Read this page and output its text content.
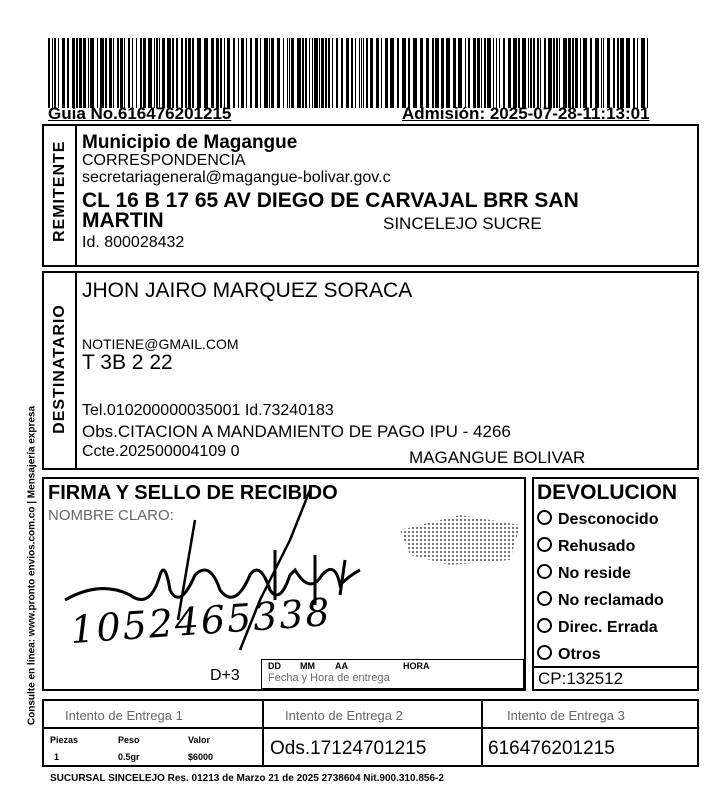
Guia No.616476201215	Admisión: 2025-07-28-11:13:01
Consulte en línea: www.pronto envios.com.co | Mensajería expresa
REMITENTE Municipio de Magangue
CORRESPONDENCIA
secretariageneral@magangue-bolivar.gov.c
CL 16 B 17 65 AV DIEGO DE CARVAJAL BRR SAN
MARTIN	SINCELEJO SUCRE
Id. 800028432
DESTINATARIO
JHON JAIRO MARQUEZ SORACA
NOTIENE@GMAIL.COM
T 3B 2 22
Tel.010200000035001 Id.73240183
Obs.CITACION A MANDAMIENTO DE PAGO IPU - 4266
Ccte.202500004109 0	MAGANGUE BOLIVAR
FIRMA Y SELLO DE RECIBIDO
NOMBRE CLARO:
1052465338
D+3
DD MM AA	HORA
Fecha y Hora de entrega
DEVOLUCION
Desconocido
Rehusado
No reside
No reclamado
Direc. Errada
Otros
CP:132512
Intento de Entrega 1	Intento de Entrega 2	Intento de Entrega 3
Piezas	Peso	Valor
1	0.5gr	$6000	Ods.17124701215	616476201215
SUCURSAL SINCELEJO Res. 01213 de Marzo 21 de 2025 2738604 Nit.900.310.856-2
